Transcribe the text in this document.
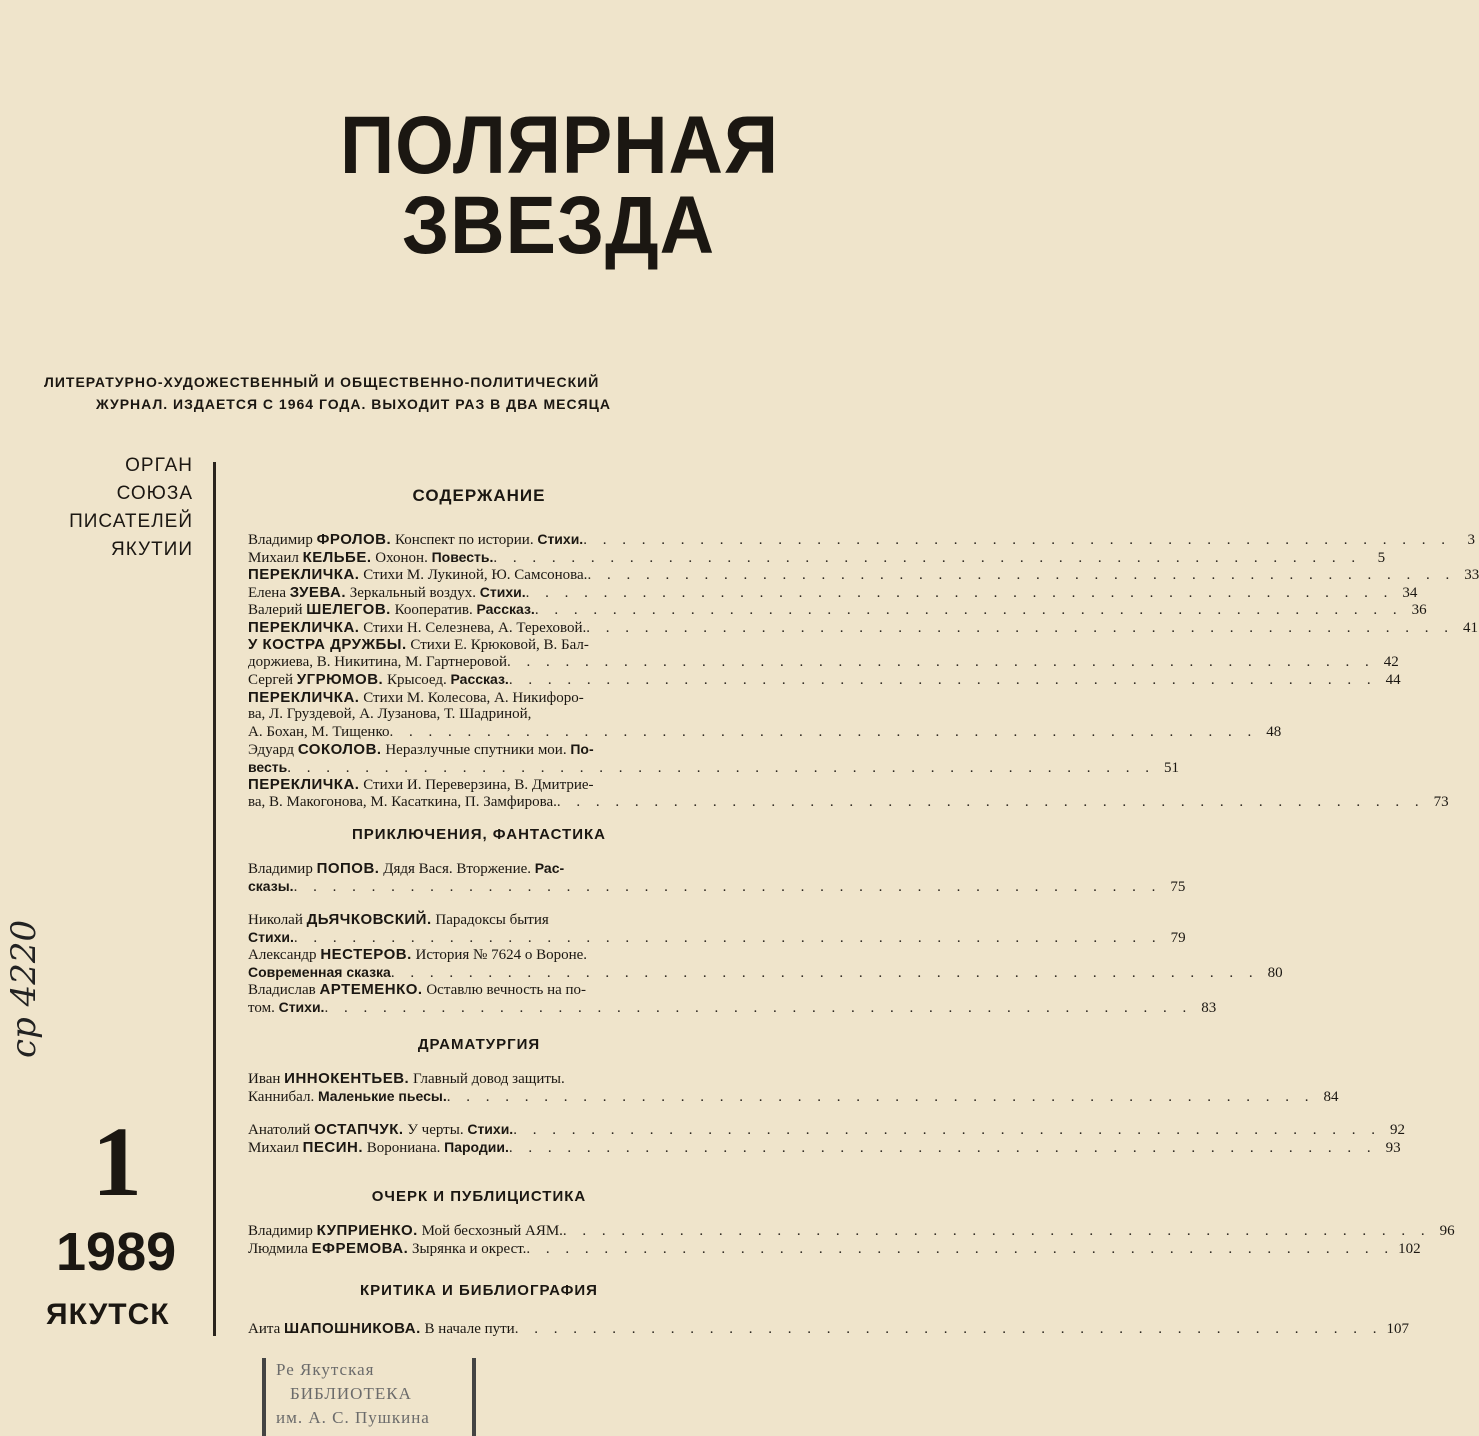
ПОЛЯРНАЯ
ЗВЕЗДА
ЛИТЕРАТУРНО-ХУДОЖЕСТВЕННЫЙ И ОБЩЕСТВЕННО-ПОЛИТИЧЕСКИЙ
ЖУРНАЛ. ИЗДАЕТСЯ С 1964 ГОДА. ВЫХОДИТ РАЗ В ДВА МЕСЯЦА
ОРГАН
СОЮЗА
ПИСАТЕЛЕЙ
ЯКУТИИ
ср 4220
1
1989
ЯКУТСК
СОДЕРЖАНИЕ
Владимир ФРОЛОВ. Конспект по истории. Стихи. . . .	3
Михаил КЕЛЬБЕ. Охонон. Повесть. . . .	5
ПЕРЕКЛИЧКА. Стихи М. Лукиной, Ю. Самсонова. . . .	33
Елена ЗУЕВА. Зеркальный воздух. Стихи. . . .	34
Валерий ШЕЛЕГОВ. Кооператив. Рассказ. . . .	36
ПЕРЕКЛИЧКА. Стихи Н. Селезнева, А. Тереховой. . . .	41
У КОСТРА ДРУЖБЫ. Стихи Е. Крюковой, В. Бал-
доржиева, В. Никитина, М. Гартнеровой . . .	42
Сергей УГРЮМОВ. Крысоед. Рассказ. . . .	44
ПЕРЕКЛИЧКА. Стихи М. Колесова, А. Никифоро-
ва, Л. Груздевой, А. Лузанова, Т. Шадриной,
А. Бохан, М. Тищенко . . .	48
Эдуард СОКОЛОВ. Неразлучные спутники мои. По-
весть . . .	51
ПЕРЕКЛИЧКА. Стихи И. Переверзина, В. Дмитрие-
ва, В. Макогонова, М. Касаткина, П. Замфирова. . . .	73
ПРИКЛЮЧЕНИЯ, ФАНТАСТИКА
Владимир ПОПОВ. Дядя Вася. Вторжение. Рас-
сказы. . . .	75
Николай ДЬЯЧКОВСКИЙ. Парадоксы бытия
Стихи. . . .	79
Александр НЕСТЕРОВ. История № 7624 о Вороне.
Современная сказка . . .	80
Владислав АРТЕМЕНКО. Оставлю вечность на по-
том. Стихи. . . .	83
ДРАМАТУРГИЯ
Иван ИННОКЕНТЬЕВ. Главный довод защиты.
Каннибал. Маленькие пьесы. . . .	84
Анатолий ОСТАПЧУК. У черты. Стихи. . . .	92
Михаил ПЕСИН. Ворониана. Пародии. . . .	93
ОЧЕРК И ПУБЛИЦИСТИКА
Владимир КУПРИЕНКО. Мой бесхозный АЯМ. . . .	96
Людмила ЕФРЕМОВА. Зырянка и окрест. . . .	102
КРИТИКА И БИБЛИОГРАФИЯ
Аита ШАПОШНИКОВА. В начале пути . . .	107
Ре Якутская
БИБЛИОТЕКА
им. А. С. Пушкина
